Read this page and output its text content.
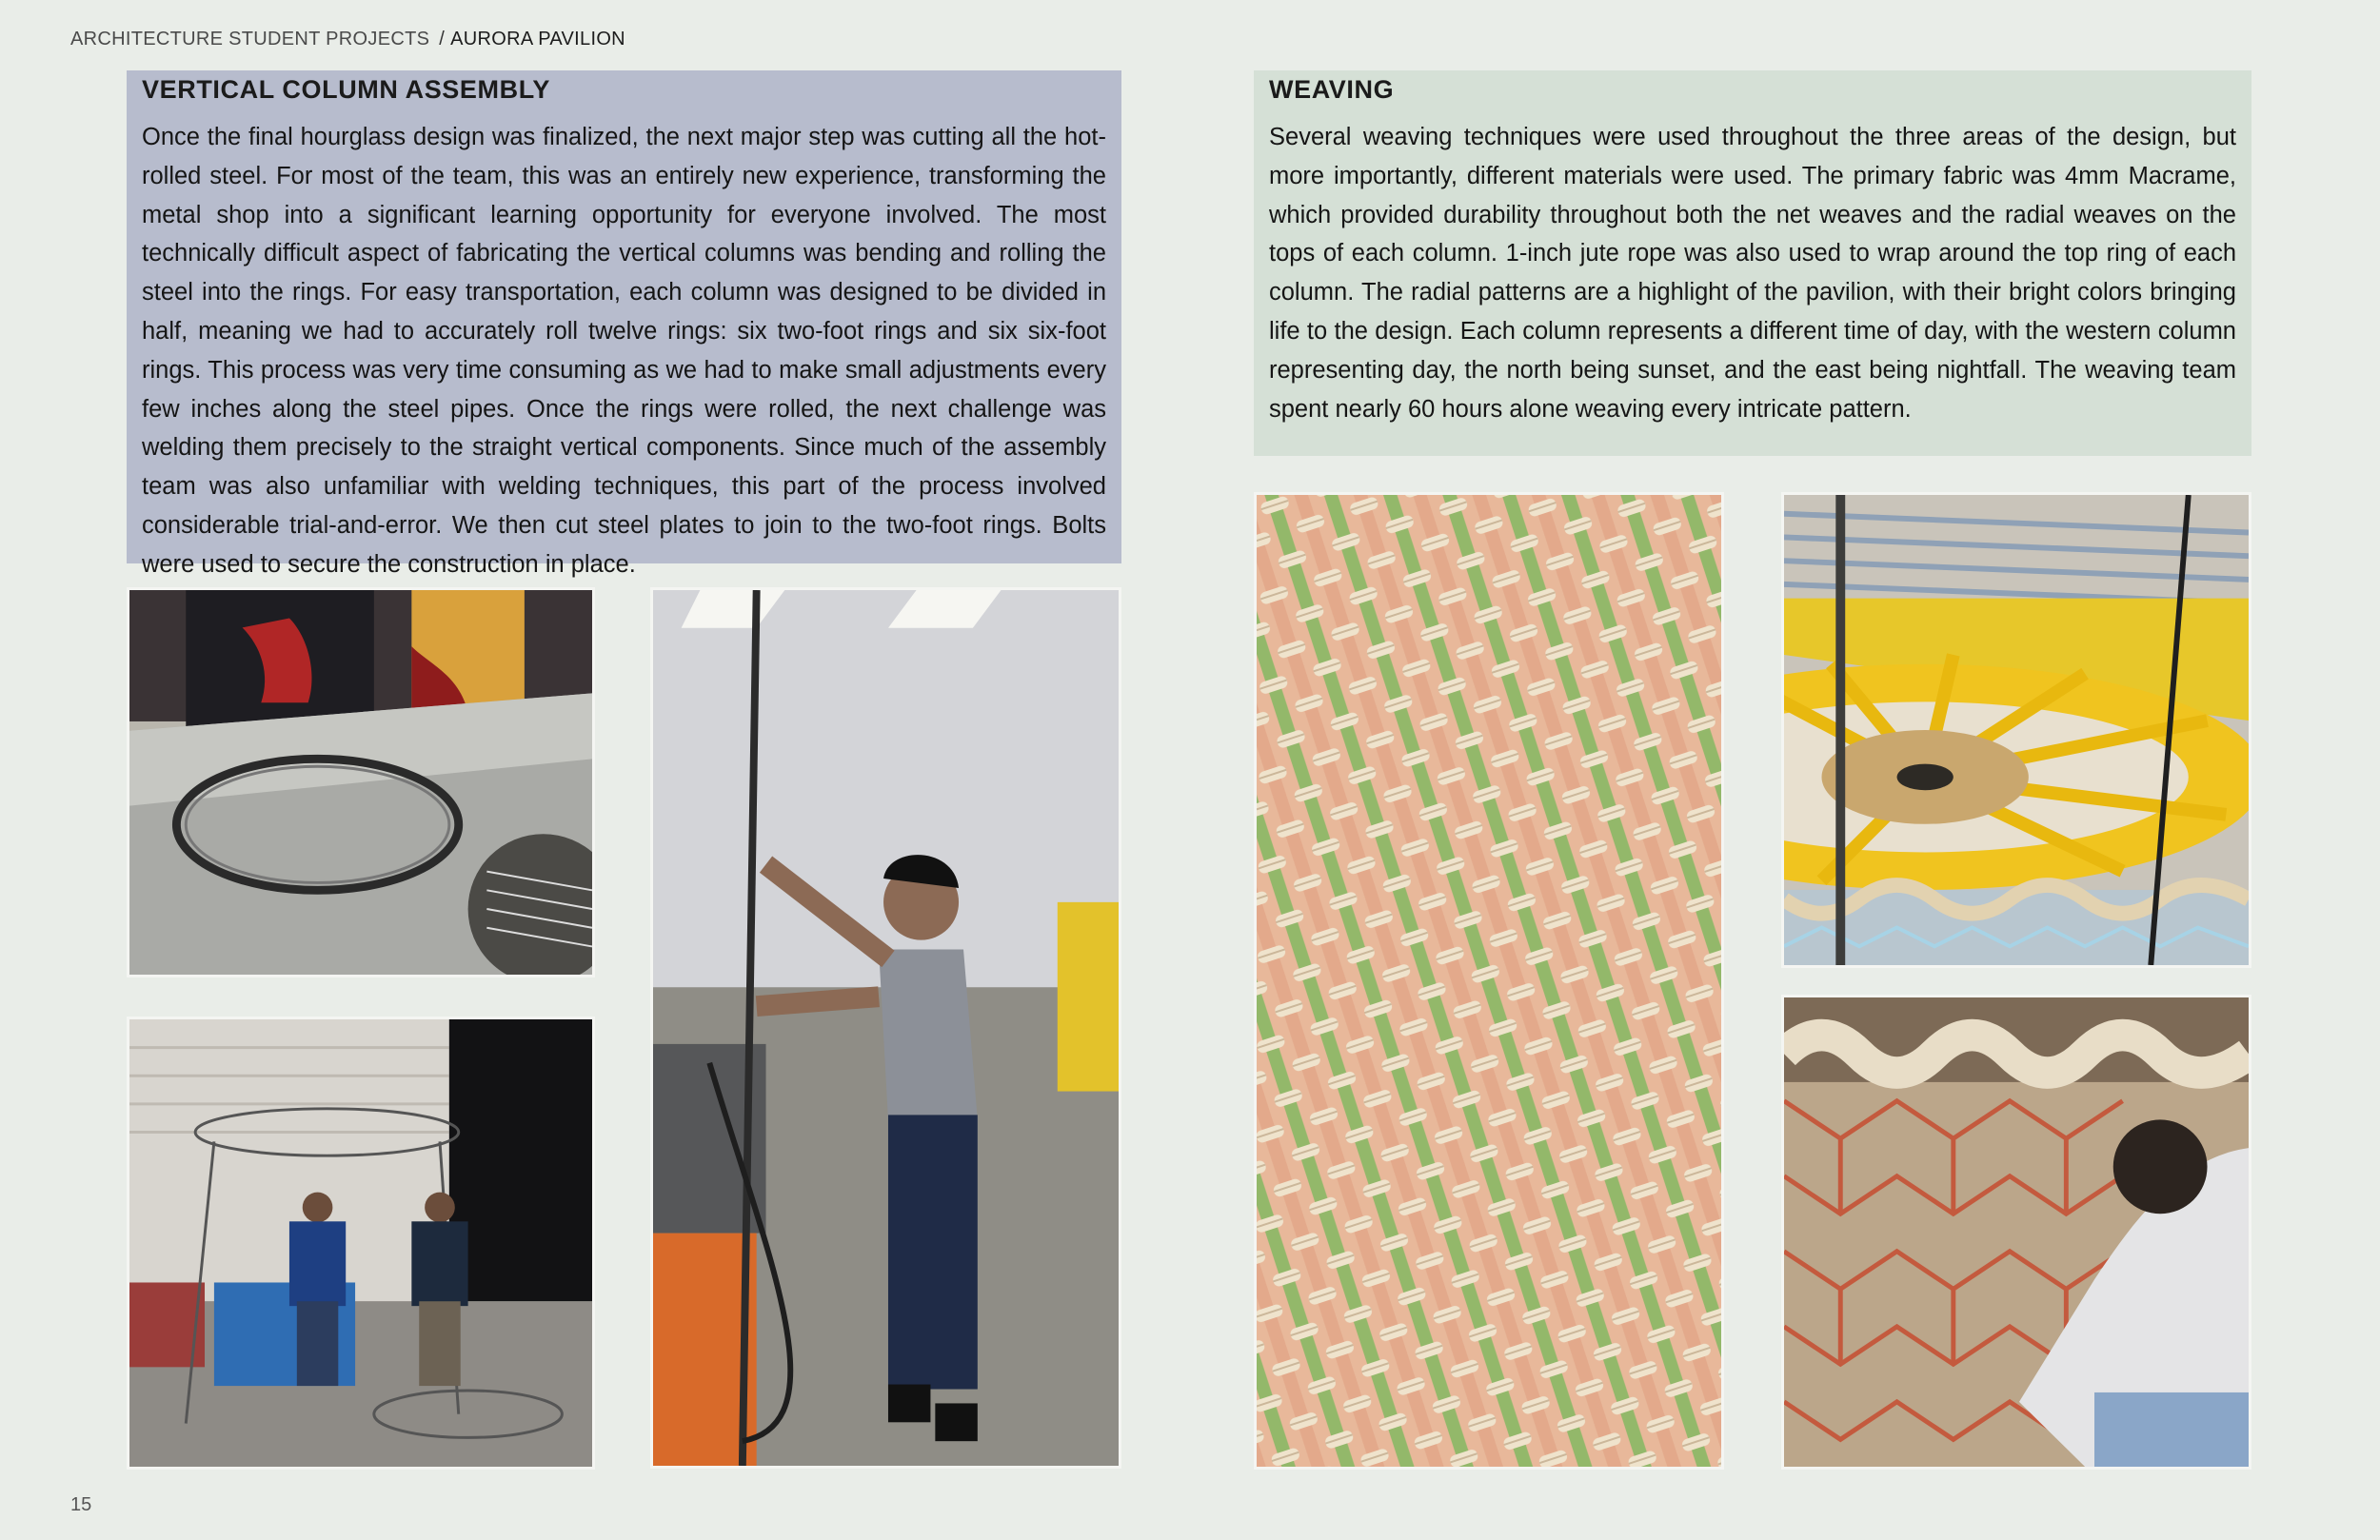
ARCHITECTURE STUDENT PROJECTS / AURORA PAVILION
VERTICAL COLUMN ASSEMBLY

Once the final hourglass design was finalized, the next major step was cutting all the hot-rolled steel. For most of the team, this was an entirely new experience, transforming the metal shop into a significant learning opportunity for everyone involved. The most technically difficult aspect of fabricating the vertical columns was bending and rolling the steel into the rings. For easy transportation, each column was designed to be divided in half, meaning we had to accurately roll twelve rings: six two-foot rings and six six-foot rings. This process was very time consuming as we had to make small adjustments every few inches along the steel pipes. Once the rings were rolled, the next challenge was welding them precisely to the straight vertical components. Since much of the assembly team was also unfamiliar with welding techniques, this part of the process involved considerable trial-and-error. We then cut steel plates to join to the two-foot rings. Bolts were used to secure the construction in place.

WEAVING

Several weaving techniques were used throughout the three areas of the design, but more importantly, different materials were used. The primary fabric was 4mm Macrame, which provided durability throughout both the net weaves and the radial weaves on the tops of each column. 1-inch jute rope was also used to wrap around the top ring of each column. The radial patterns are a highlight of the pavilion, with their bright colors bringing life to the design. Each column represents a different time of day, with the western column representing day, the north being sunset, and the east being nightfall. The weaving team spent nearly 60 hours alone weaving every intricate pattern.

15
